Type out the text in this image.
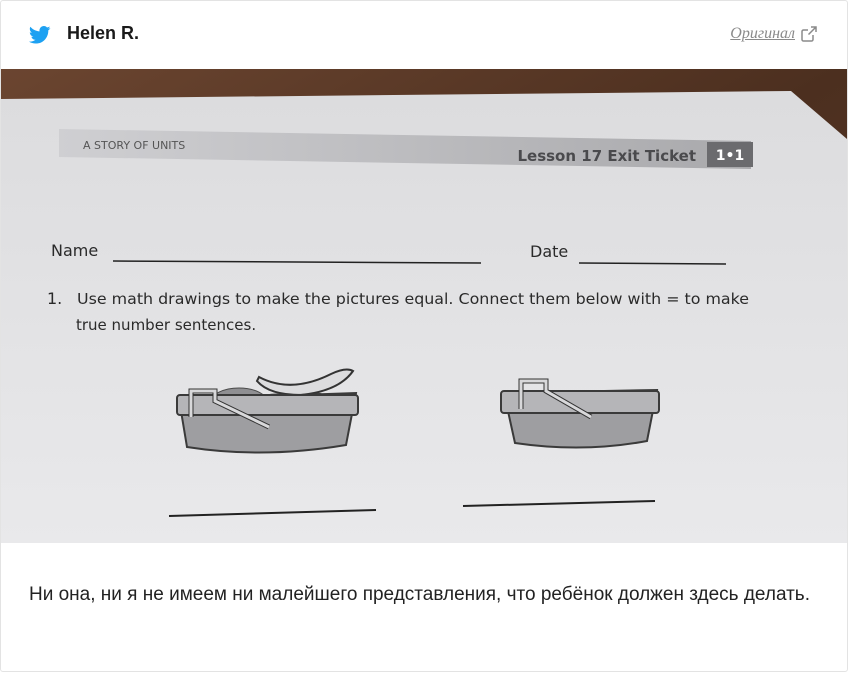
Helen R.	Оригинал
1•1
A STORY OF UNITS
Lesson 17 Exit Ticket
Name	Date
1. Use math drawings to make the pictures equal. Connect them below with = to make
true number sentences.
Ни она, ни я не имеем ни малейшего представления, что ребёнок должен здесь делать.
